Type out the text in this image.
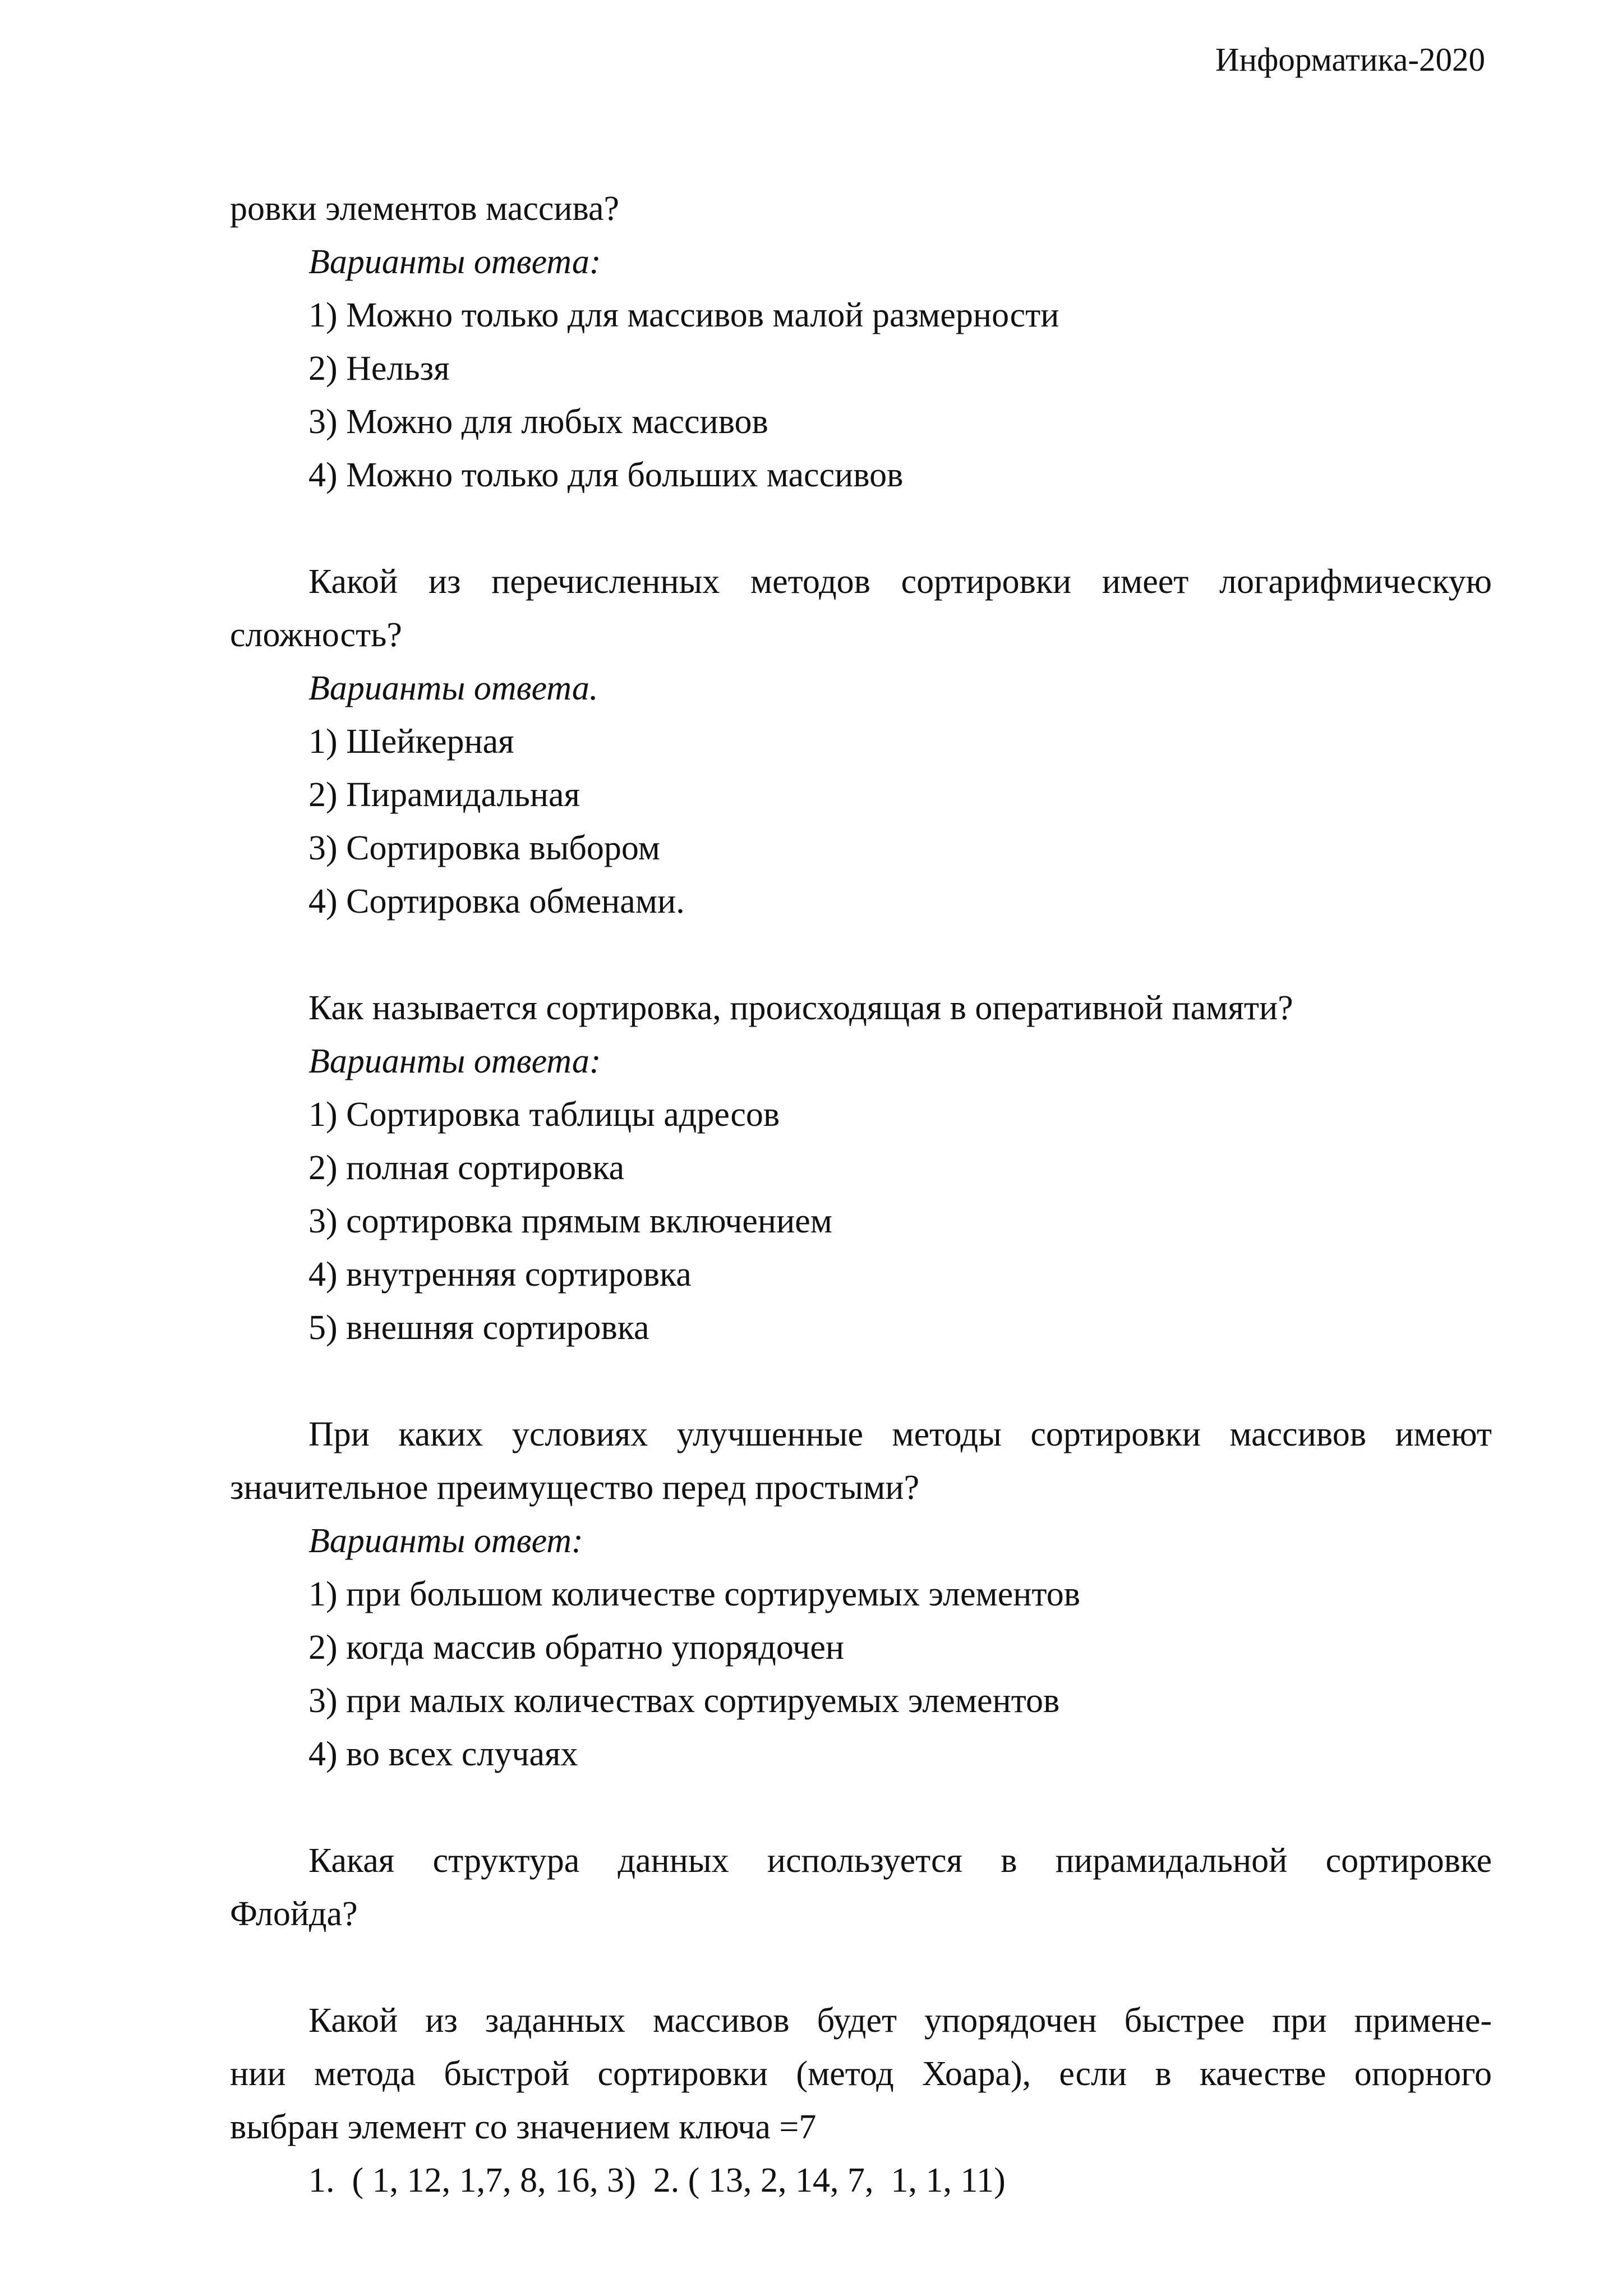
Информатика-2020
ровки элементов массива?
Варианты ответа:
1) Можно только для массивов малой размерности
2) Нельзя
3) Можно для любых массивов
4) Можно только для больших массивов
Какой из перечисленных методов сортировки имеет логарифмическую
сложность?
Варианты ответа.
1) Шейкерная
2) Пирамидальная
3) Сортировка выбором
4) Сортировка обменами.
Как называется сортировка, происходящая в оперативной памяти?
Варианты ответа:
1) Сортировка таблицы адресов
2) полная сортировка
3) сортировка прямым включением
4) внутренняя сортировка
5) внешняя сортировка
При каких условиях улучшенные методы сортировки массивов имеют
значительное преимущество перед простыми?
Варианты ответ:
1) при большом количестве сортируемых элементов
2) когда массив обратно упорядочен
3) при малых количествах сортируемых элементов
4) во всех случаях
Какая структура данных используется в пирамидальной сортировке
Флойда?
Какой из заданных массивов будет упорядочен быстрее при примене-
нии метода быстрой сортировки (метод Хоара), если в качестве опорного
выбран элемент со значением ключа =7
1.  ( 1, 12, 1,7, 8, 16, 3)  2. ( 13, 2, 14, 7,  1, 1, 11)
